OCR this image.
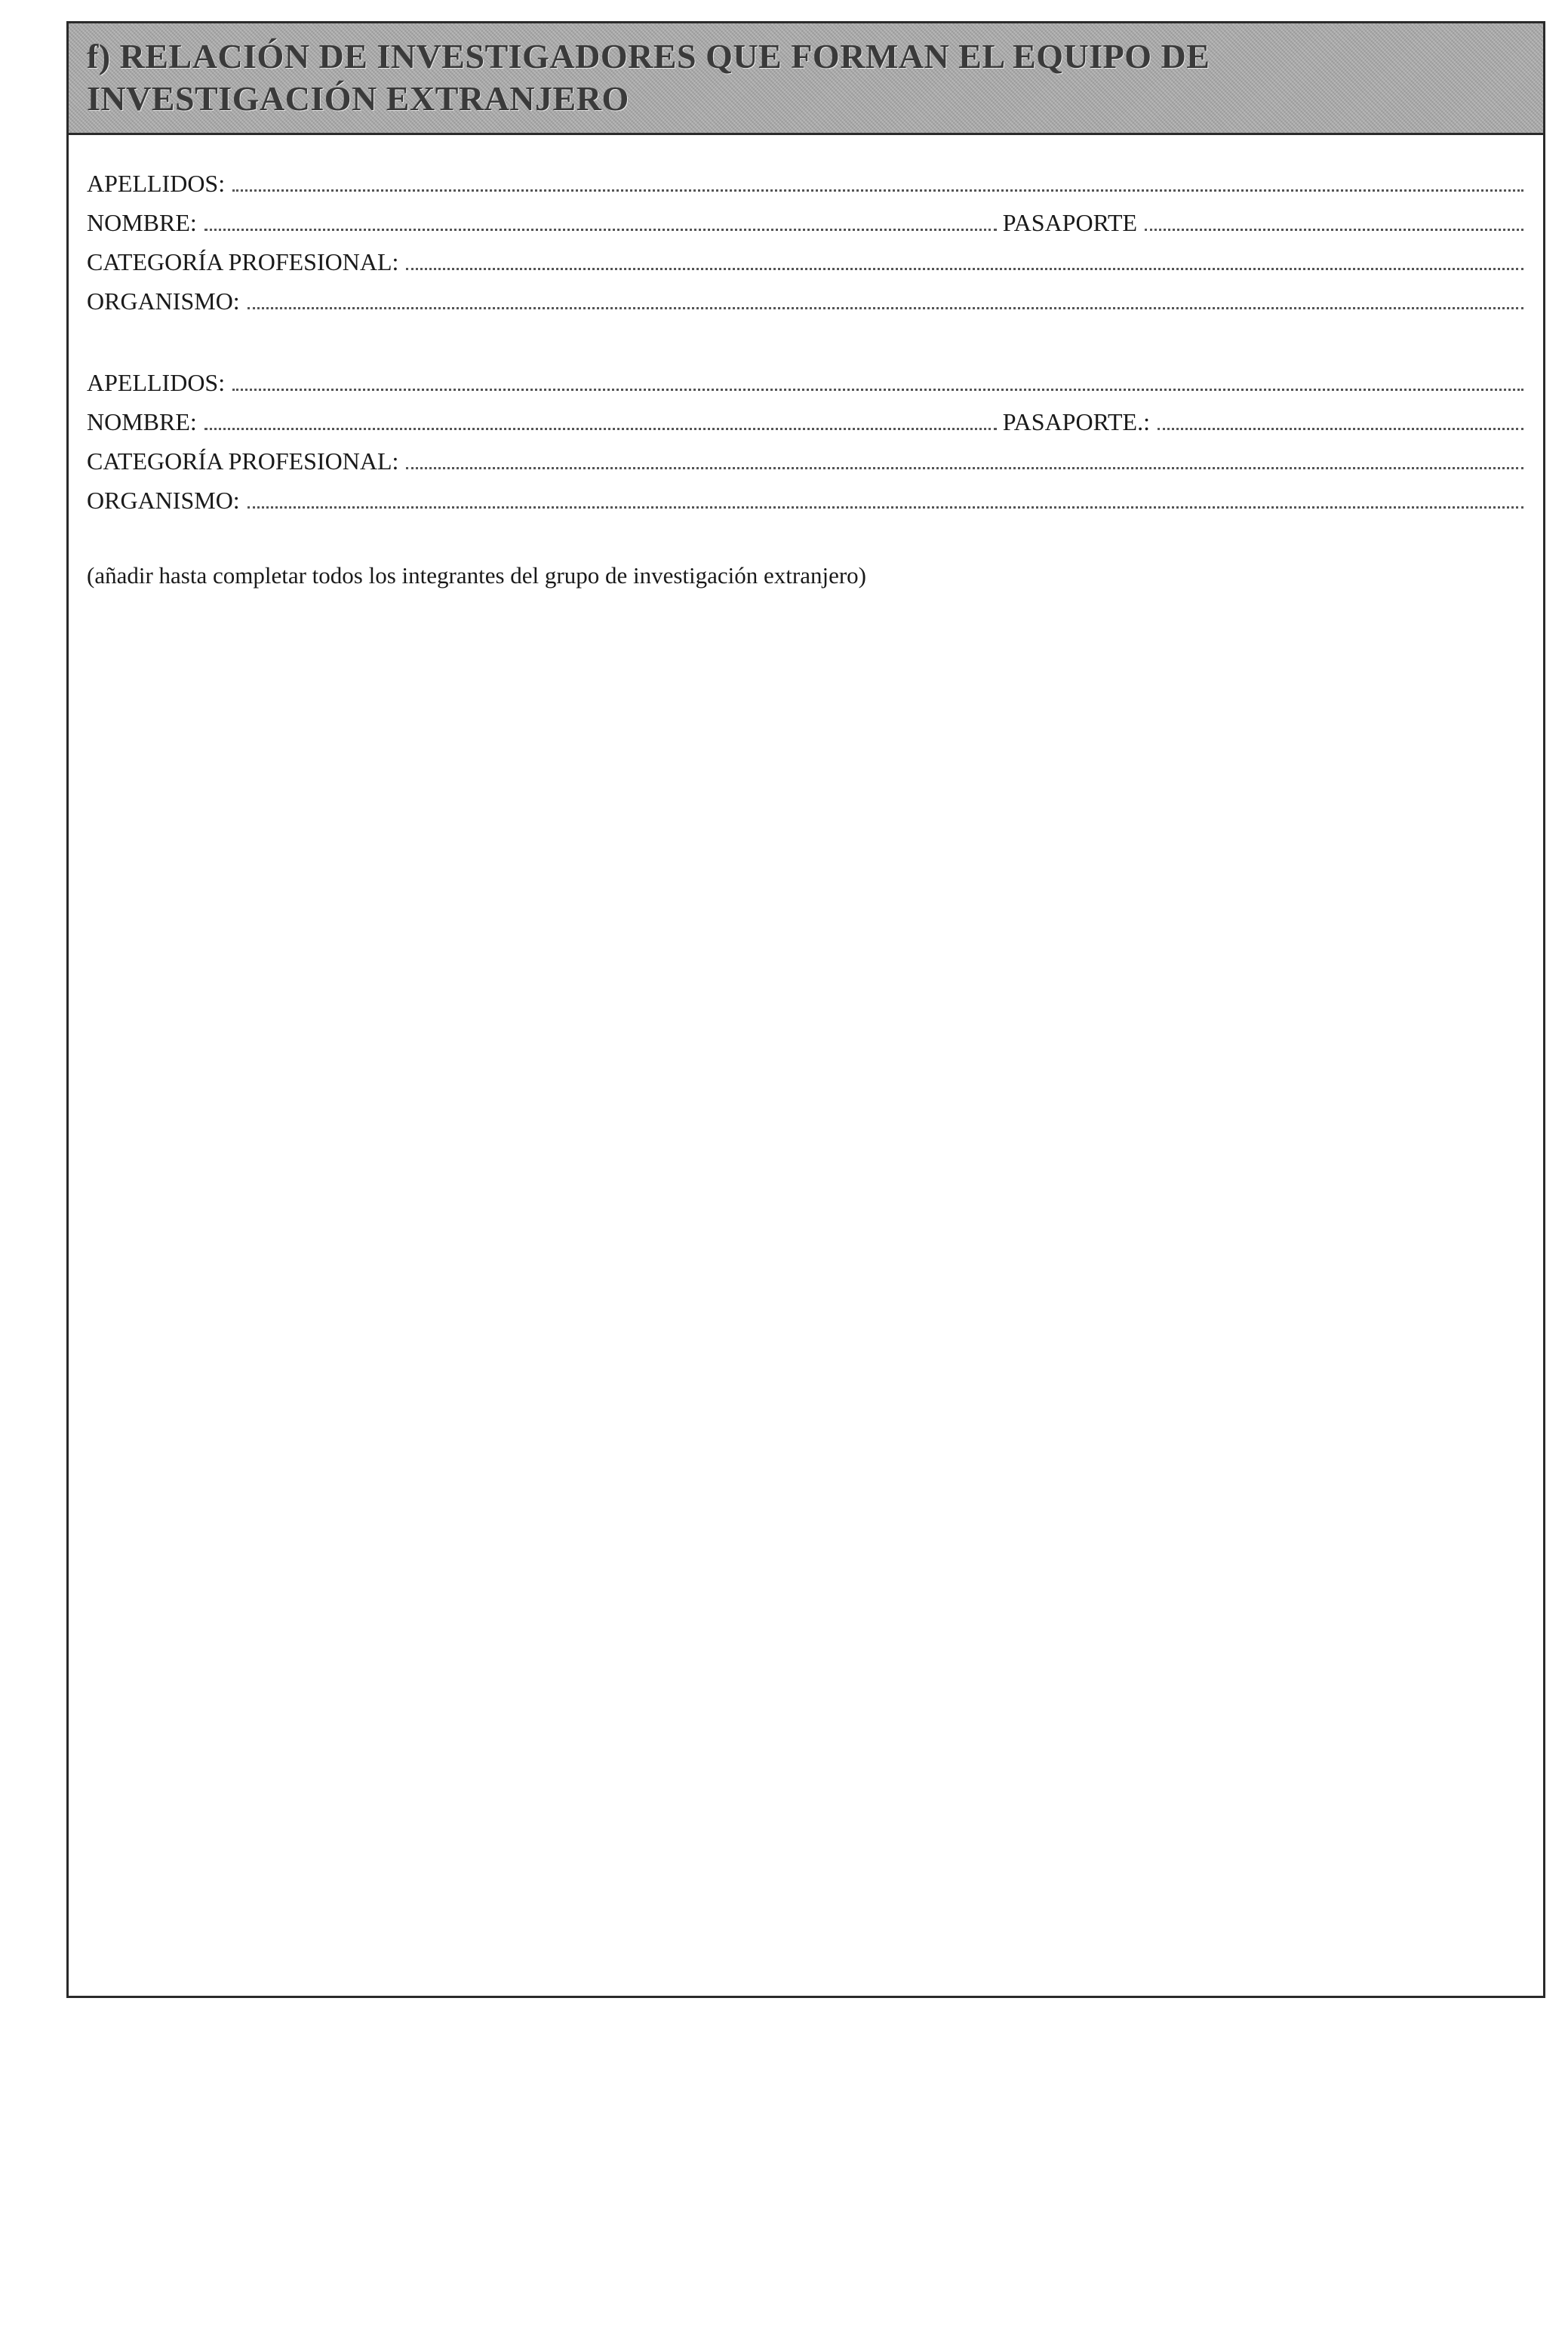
f) RELACIÓN DE INVESTIGADORES QUE FORMAN EL EQUIPO DE INVESTIGACIÓN EXTRANJERO
APELLIDOS:
NOMBRE:	PASAPORTE
CATEGORÍA PROFESIONAL:
ORGANISMO:
APELLIDOS:
NOMBRE:	PASAPORTE.:
CATEGORÍA PROFESIONAL:
ORGANISMO:
(añadir hasta completar todos los integrantes del grupo de investigación extranjero)
